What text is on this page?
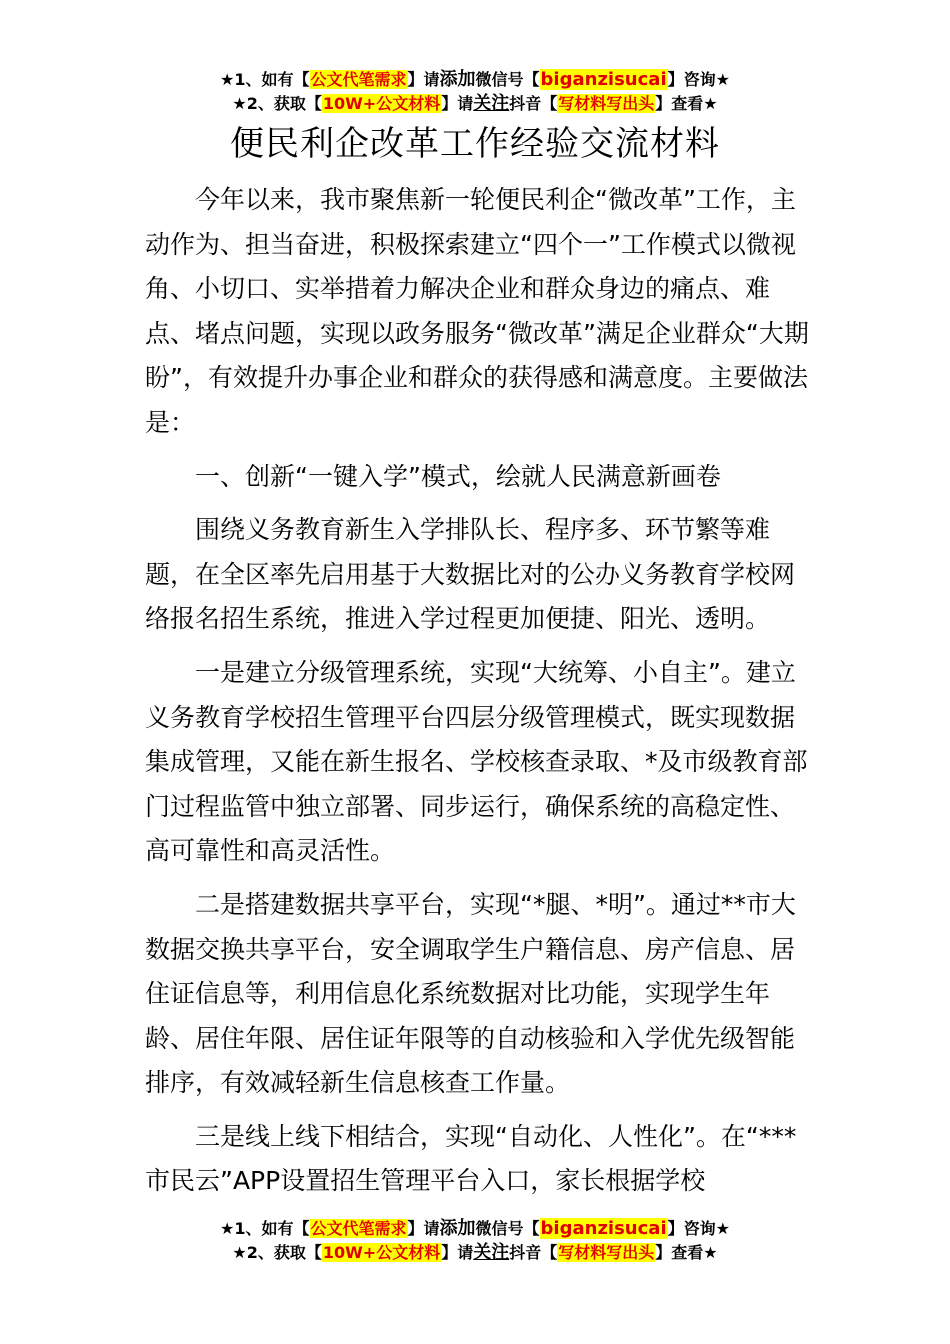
★1、如有【公文代笔需求】请添加微信号【biganzisucai】咨询★
★2、获取【10W+公文材料】请关注抖音【写材料写出头】查看★
便民利企改革工作经验交流材料

今年以来，我市聚焦新一轮便民利企“微改革”工作，主动作为、担当奋进，积极探索建立“四个一”工作模式以微视角、小切口、实举措着力解决企业和群众身边的痛点、难点、堵点问题，实现以政务服务“微改革”满足企业群众“大期盼”，有效提升办事企业和群众的获得感和满意度。主要做法是：

一、创新“一键入学”模式，绘就人民满意新画卷

围绕义务教育新生入学排队长、程序多、环节繁等难题，在全区率先启用基于大数据比对的公办义务教育学校网络报名招生系统，推进入学过程更加便捷、阳光、透明。

一是建立分级管理系统，实现“大统筹、小自主”。建立义务教育学校招生管理平台四层分级管理模式，既实现数据集成管理，又能在新生报名、学校核查录取、*及市级教育部门过程监管中独立部署、同步运行，确保系统的高稳定性、高可靠性和高灵活性。

二是搭建数据共享平台，实现“*腿、*明”。通过**市大数据交换共享平台，安全调取学生户籍信息、房产信息、居住证信息等，利用信息化系统数据对比功能，实现学生年龄、居住年限、居住证年限等的自动核验和入学优先级智能排序，有效减轻新生信息核查工作量。

三是线上线下相结合，实现“自动化、人性化”。在“***市民云”APP设置招生管理平台入口，家长根据学校

★1、如有【公文代笔需求】请添加微信号【biganzisucai】咨询★
★2、获取【10W+公文材料】请关注抖音【写材料写出头】查看★
